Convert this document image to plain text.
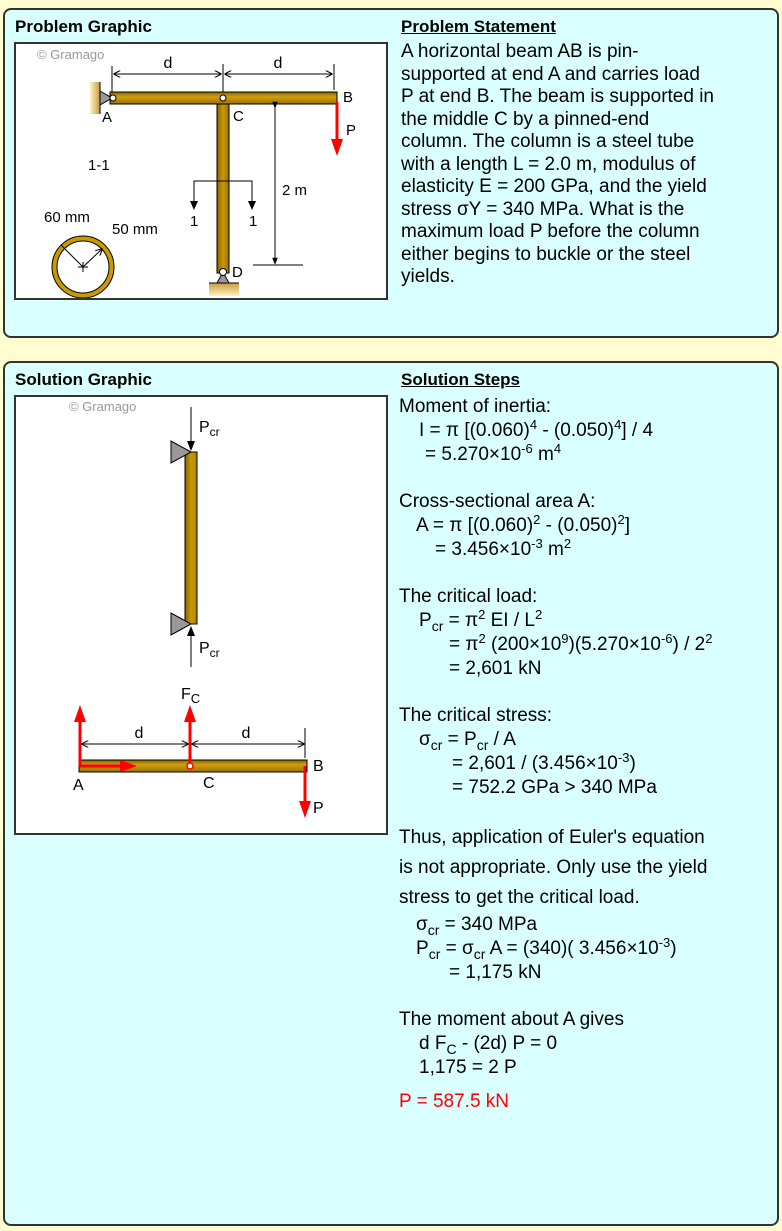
Problem Graphic	Problem Statement
© Gramago
d	d
A
B
C
D
P
2 m
1	1
1-1
60 mm
50 mm
A horizontal beam AB is pin-
supported at end A and carries load
P at end B. The beam is supported in
the middle C by a pinned-end
column. The column is a steel tube
with a length L = 2.0 m, modulus of
elasticity E = 200 GPa, and the yield
stress σY = 340 MPa. What is the
maximum load P before the column
either begins to buckle or the steel
yields.
Solution Graphic	Solution Steps
© Gramago
$P_{cr}$
$P_{cr}$
d	d
$F_C$
A
B
C
P
Moment of inertia:
I = π $[(0.060)^4 - (0.050)^4] / 4$
= $5.270\times 10^{-6}$ $m^4$
Cross-sectional area A:
A = π $[(0.060)^2 - (0.050)^2]$
= $3.456\times 10^{-3}$ $m^2$
The critical load:
$P_{cr} = \pi^2$ EI / $L^2$
= $\pi^2$ $(200\times 10^9)(5.270\times 10^{-6}) / 2^2$
= 2,601 kN
The critical stress:
$\sigma_{cr} = P_{cr} / A$
= $2,601 / (3.456\times 10^{-3})$
= 752.2 GPa > 340 MPa
Thus, application of Euler's equation
is not appropriate. Only use the yield
stress to get the critical load.
$\sigma_{cr} = 340$ MPa
$P_{cr} = \sigma_{cr}$ A = (340)( $3.456\times 10^{-3}$)
= 1,175 kN
The moment about A gives
d $F_C - (2d) P = 0$
1,175 = 2 P
P = 587.5 kN
